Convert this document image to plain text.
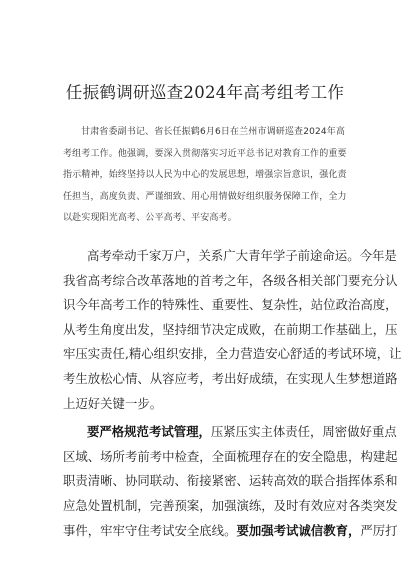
任振鹤调研巡查2024年高考组考工作
甘肃省委副书记、省长任振鹤6月6日在兰州市调研巡查2024年高
考组考工作。他强调，要深入贯彻落实习近平总书记对教育工作的重要
指示精神，始终坚持以人民为中心的发展思想，增强宗旨意识，强化责
任担当，高度负责、严谨细致、用心用情做好组织服务保障工作，全力
以赴实现阳光高考、公平高考、平安高考。
高考牵动千家万户，关系广大青年学子前途命运。今年是
我省高考综合改革落地的首考之年，各级各相关部门要充分认
识今年高考工作的特殊性、重要性、复杂性，站位政治高度，
从考生角度出发，坚持细节决定成败，在前期工作基础上，压
牢压实责任,精心组织安排，全力营造安心舒适的考试环境，让
考生放松心情、从容应考，考出好成绩，在实现人生梦想道路
上迈好关键一步。
要严格规范考试管理，压紧压实主体责任，周密做好重点
区域、场所考前考中检查，全面梳理存在的安全隐患，构建起
职责清晰、协同联动、衔接紧密、运转高效的联合指挥体系和
应急处置机制，完善预案，加强演练，及时有效应对各类突发
事件，牢牢守住考试安全底线。要加强考试诚信教育，严厉打
